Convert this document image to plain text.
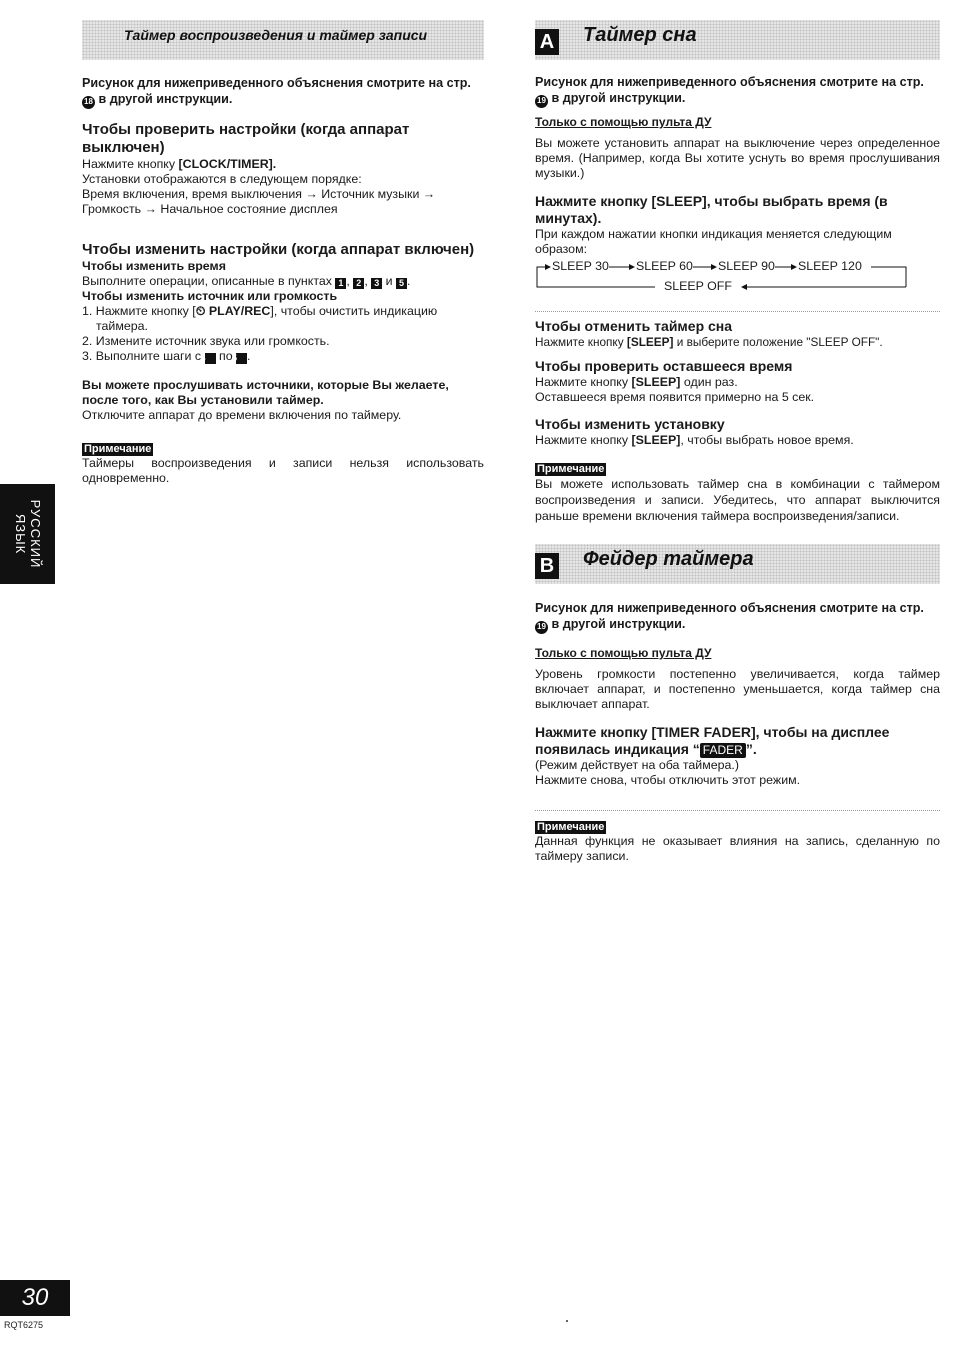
Таймер воспроизведения и таймер записи

Рисунок для нижеприведенного объяснения смотрите на стр. 18 в другой инструкции.

Чтобы проверить настройки (когда аппарат выключен)

Нажмите кнопку [CLOCK/TIMER].

Установки отображаются в следующем порядке:

Время включения, время выключения → Источник музыки → Громкость → Начальное состояние дисплея

Чтобы изменить настройки (когда аппарат включен)

Чтобы изменить время

Выполните операции, описанные в пунктах 1 , 2 , 3 и 5 .

Чтобы изменить источник или громкость

1. Нажмите кнопку [⏲ PLAY/REC], чтобы очистить индикацию таймера.
2. Измените источник звука или громкость.
3. Выполните шаги с 4 по 5 .

Вы можете прослушивать источники, которые Вы желаете, после того, как Вы установили таймер.

Отключите аппарат до времени включения по таймеру.

Примечание

Таймеры воспроизведения и записи нельзя использовать одновременно.

A Таймер сна

Рисунок для нижеприведенного объяснения смотрите на стр. 19 в другой инструкции.

Только с помощью пульта ДУ

Вы можете установить аппарат на выключение через определенное время. (Например, когда Вы хотите уснуть во время прослушивания музыки.)

Нажмите кнопку [SLEEP], чтобы выбрать время (в минутах).

При каждом нажатии кнопки индикация меняется следующим образом:

SLEEP 30 SLEEP 60 SLEEP 90 SLEEP 120
SLEEP OFF

Чтобы отменить таймер сна

Нажмите кнопку [SLEEP] и выберите положение "SLEEP OFF".

Чтобы проверить оставшееся время

Нажмите кнопку [SLEEP] один раз.

Оставшееся время появится примерно на 5 сек.

Чтобы изменить установку

Нажмите кнопку [SLEEP], чтобы выбрать новое время.

Примечание

Вы можете использовать таймер сна в комбинации с таймером воспроизведения и записи. Убедитесь, что аппарат выключится раньше времени включения таймера воспроизведения/записи.

B Фейдер таймера

Рисунок для нижеприведенного объяснения смотрите на стр. 19 в другой инструкции.

Только с помощью пульта ДУ

Уровень громкости постепенно увеличивается, когда таймер включает аппарат, и постепенно уменьшается, когда таймер сна выключает аппарат.

Нажмите кнопку [TIMER FADER], чтобы на дисплее появилась индикация “ FADER ”.

(Режим действует на оба таймера.)

Нажмите снова, чтобы отключить этот режим.

Примечание

Данная функция не оказывает влияния на запись, сделанную по таймеру записи.

РУССКИЙ
ЯЗЫК
30
RQT6275
